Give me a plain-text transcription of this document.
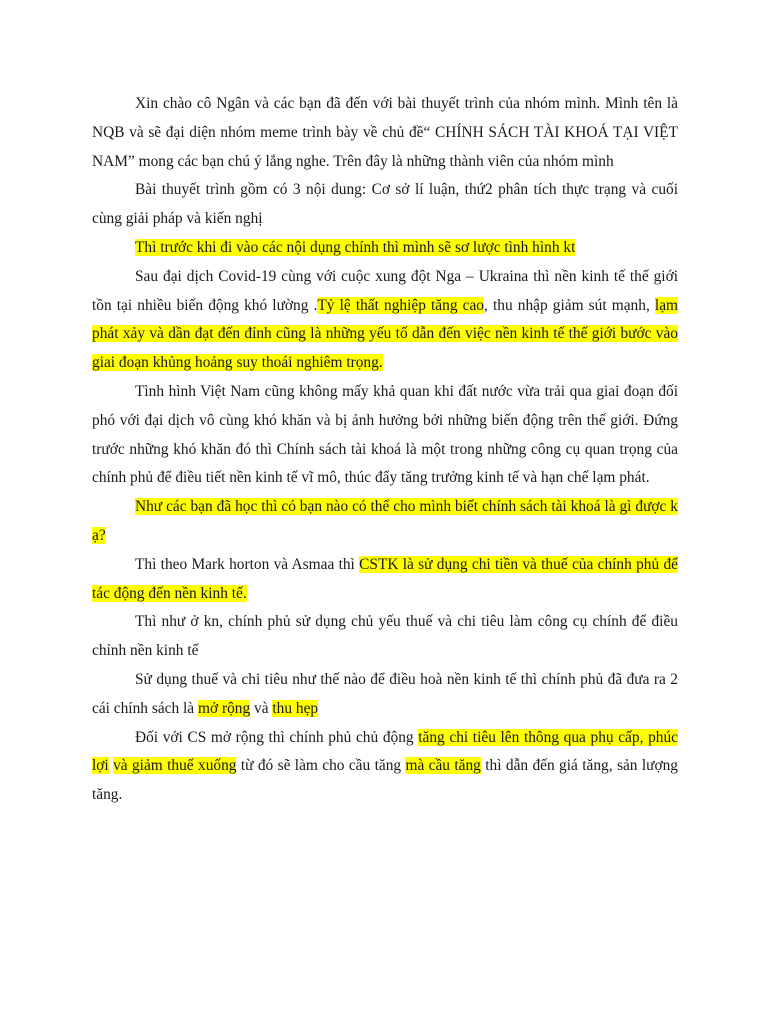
Xin chào cô Ngân và các bạn đã đến với bài thuyết trình của nhóm mình. Mình tên là NQB và sẽ đại diện nhóm meme trình bày về chủ đề“ CHÍNH SÁCH TÀI KHOÁ TẠI VIỆT NAM” mong các bạn chú ý lắng nghe. Trên đây là những thành viên của nhóm mình

Bài thuyết trình gồm có 3 nội dung: Cơ sở lí luận, thứ2 phân tích thực trạng và cuối cùng giải pháp và kiến nghị

Thì trước khi đi vào các nội dụng chính thì mình sẽ sơ lược tình hình kt

Sau đại dịch Covid-19 cùng với cuộc xung đột Nga – Ukraina thì nền kinh tế thế giới tồn tại nhiều biến động khó lường .Tỷ lệ thất nghiệp tăng cao, thu nhập giảm sút mạnh, lạm phát xảy và dần đạt đến đỉnh cũng là những yếu tố dẫn đến việc nền kinh tế thế giới bước vào giai đoạn khủng hoảng suy thoái nghiêm trọng.

Tình hình Việt Nam cũng không mấy khả quan khi đất nước vừa trải qua giai đoạn đối phó với đại dịch vô cùng khó khăn và bị ảnh hưởng bởi những biến động trên thế giới. Đứng trước những khó khăn đó thì Chính sách tài khoá là một trong những công cụ quan trọng của chính phủ để điều tiết nền kinh tế vĩ mô, thúc đẩy tăng trưởng kinh tế và hạn chế lạm phát.

Như các bạn đã học thì có bạn nào có thể cho mình biết chính sách tài khoá là gì được k ạ?

Thì theo Mark horton và Asmaa thì CSTK là sử dụng chi tiền và thuế của chính phủ để tác động đến nền kinh tế.

Thì như ở kn, chính phủ sử dụng chủ yếu thuế và chi tiêu làm công cụ chính để điều chỉnh nền kinh tế

Sử dụng thuế và chi tiêu như thế nào để điều hoà nền kinh tế thì chính phủ đã đưa ra 2 cái chính sách là mở rộng và thu hẹp

Đối với CS mở rộng thì chính phủ chủ động tăng chi tiêu lên thông qua phụ cấp, phúc lợi và giảm thuế xuống từ đó sẽ làm cho cầu tăng mà cầu tăng thì dẫn đến giá tăng, sản lượng tăng.
